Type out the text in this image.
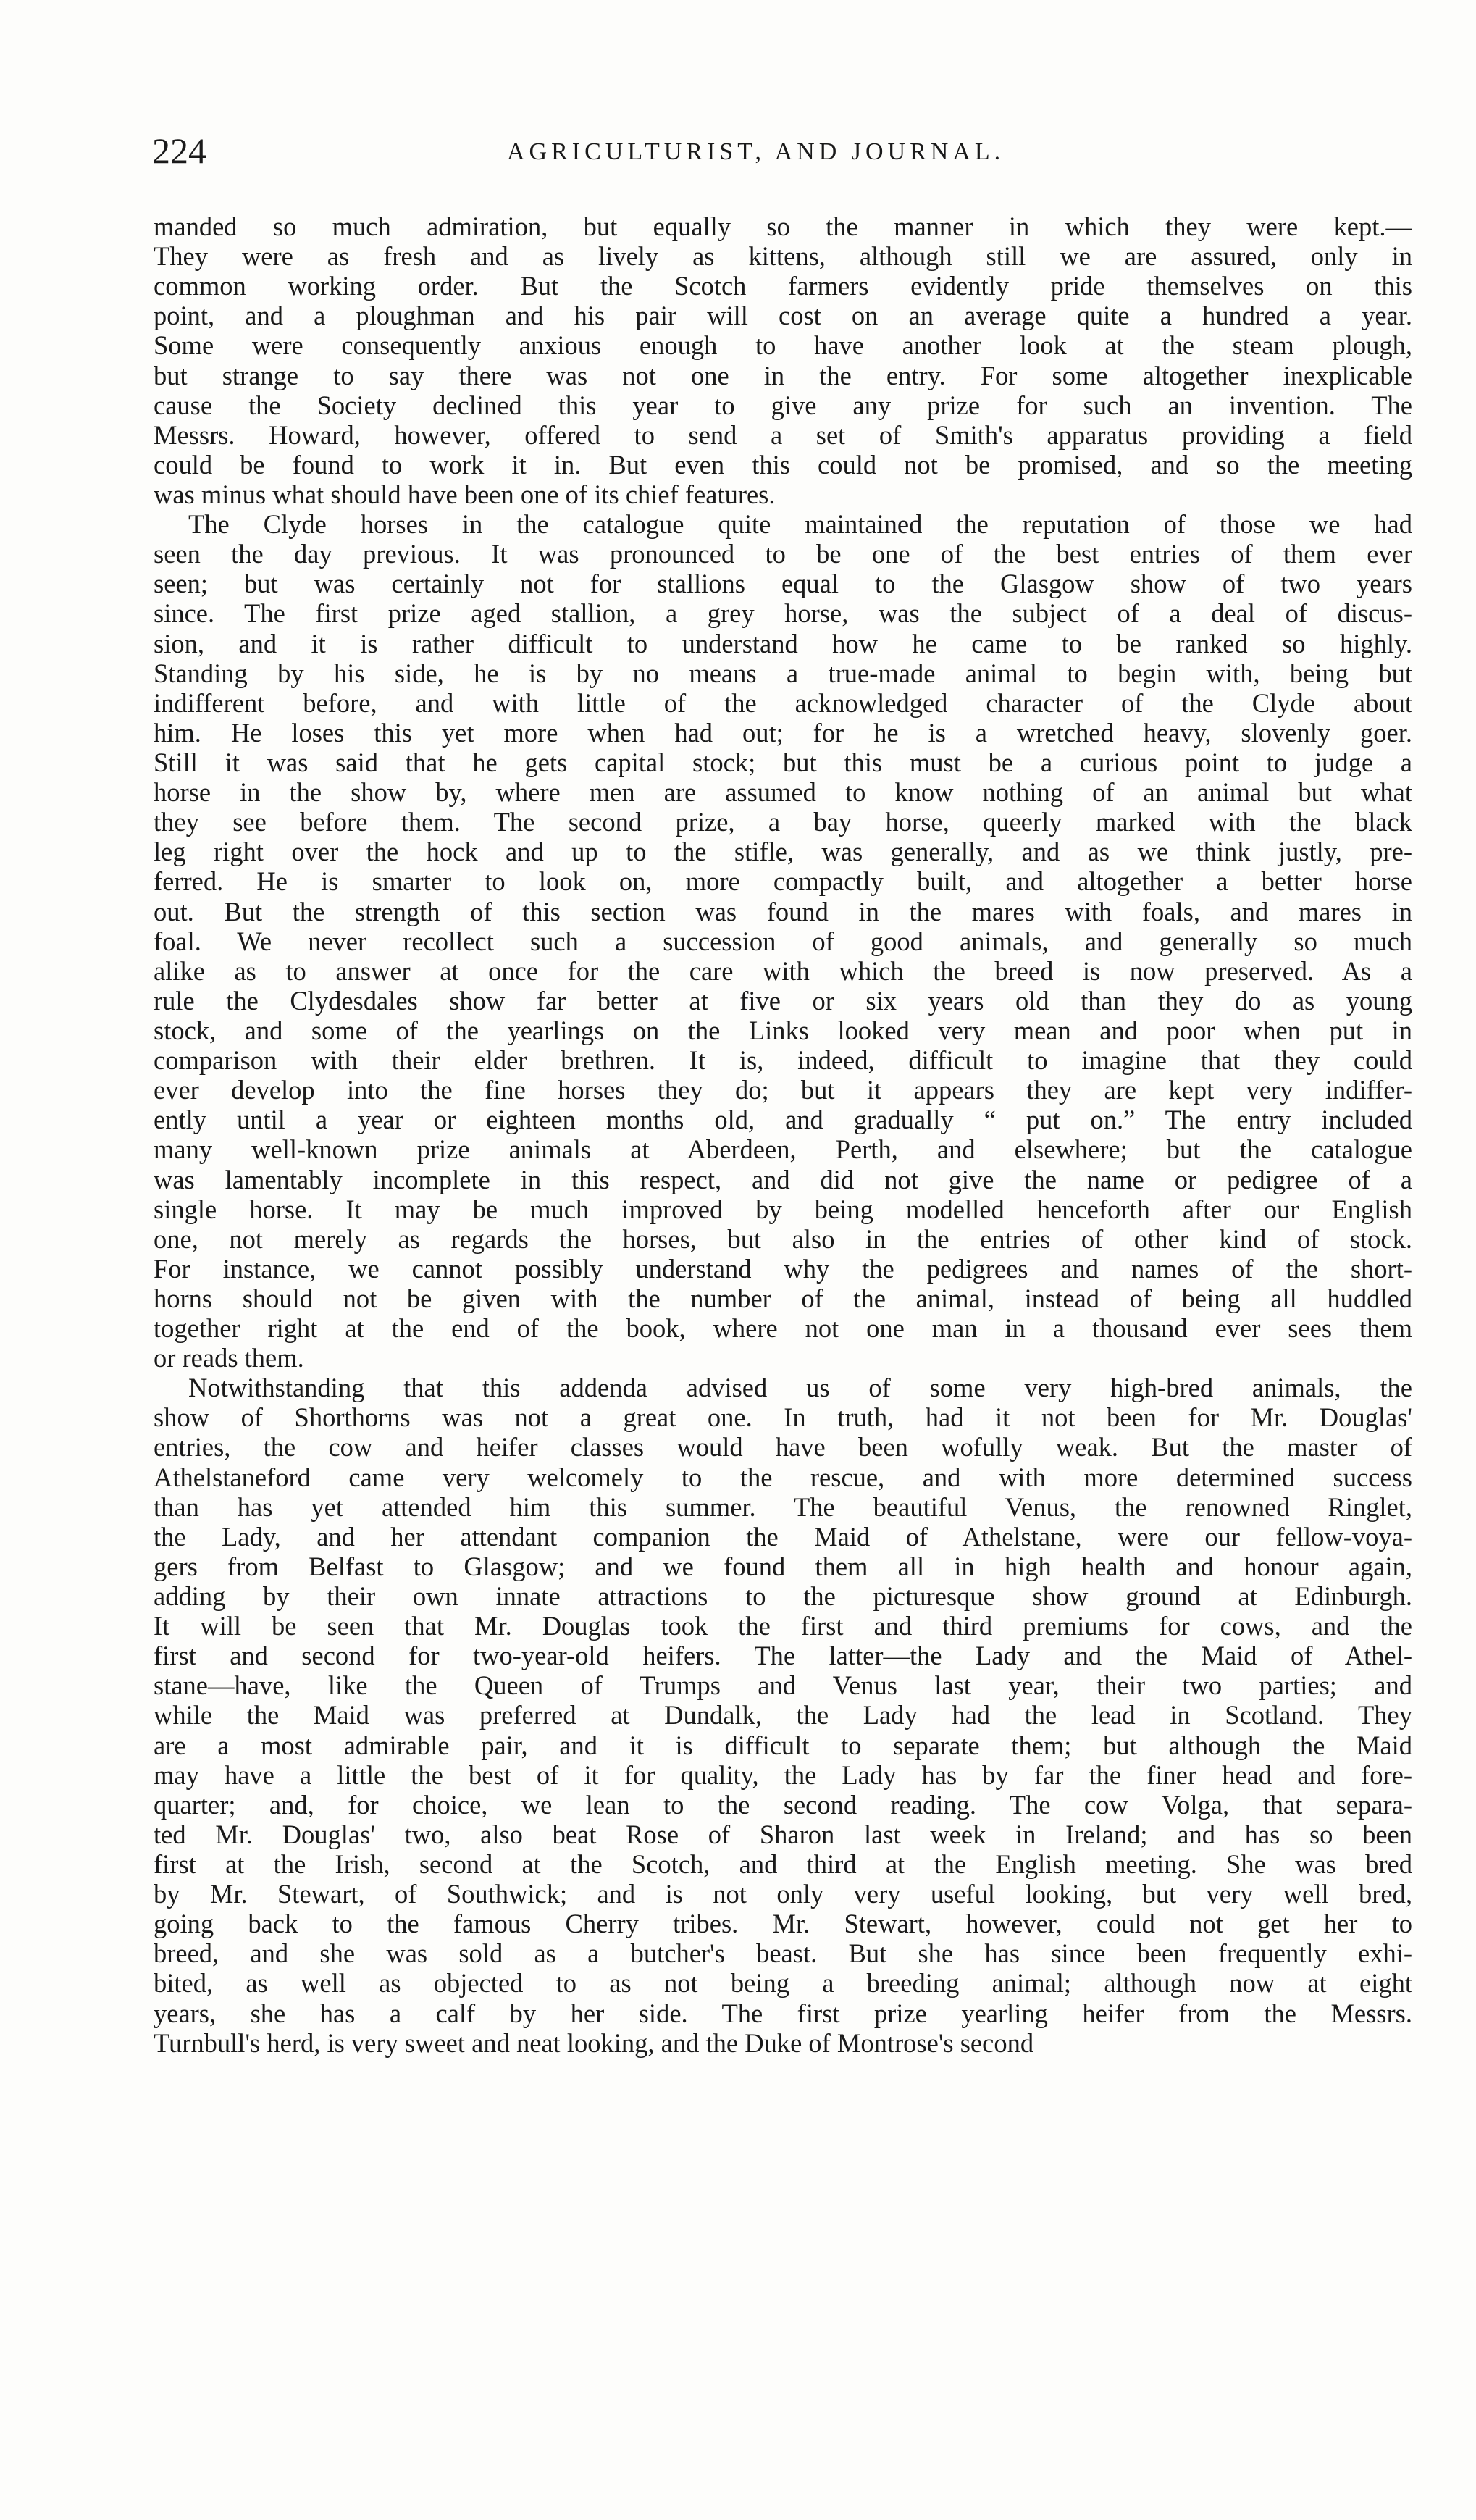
224	AGRICULTURIST, AND JOURNAL.
manded so much admiration, but equally so the manner in which they were kept.—
They were as fresh and as lively as kittens, although still we are assured, only in
common working order. But the Scotch farmers evidently pride themselves on this
point, and a ploughman and his pair will cost on an average quite a hundred a year.
Some were consequently anxious enough to have another look at the steam plough,
but strange to say there was not one in the entry. For some altogether inexplicable
cause the Society declined this year to give any prize for such an invention. The
Messrs. Howard, however, offered to send a set of Smith's apparatus providing a field
could be found to work it in. But even this could not be promised, and so the meeting
was minus what should have been one of its chief features.
The Clyde horses in the catalogue quite maintained the reputation of those we had
seen the day previous. It was pronounced to be one of the best entries of them ever
seen; but was certainly not for stallions equal to the Glasgow show of two years
since. The first prize aged stallion, a grey horse, was the subject of a deal of discus-
sion, and it is rather difficult to understand how he came to be ranked so highly.
Standing by his side, he is by no means a true-made animal to begin with, being but
indifferent before, and with little of the acknowledged character of the Clyde about
him. He loses this yet more when had out; for he is a wretched heavy, slovenly goer.
Still it was said that he gets capital stock; but this must be a curious point to judge a
horse in the show by, where men are assumed to know nothing of an animal but what
they see before them. The second prize, a bay horse, queerly marked with the black
leg right over the hock and up to the stifle, was generally, and as we think justly, pre-
ferred. He is smarter to look on, more compactly built, and altogether a better horse
out. But the strength of this section was found in the mares with foals, and mares in
foal. We never recollect such a succession of good animals, and generally so much
alike as to answer at once for the care with which the breed is now preserved. As a
rule the Clydesdales show far better at five or six years old than they do as young
stock, and some of the yearlings on the Links looked very mean and poor when put in
comparison with their elder brethren. It is, indeed, difficult to imagine that they could
ever develop into the fine horses they do; but it appears they are kept very indiffer-
ently until a year or eighteen months old, and gradually “ put on.” The entry included
many well-known prize animals at Aberdeen, Perth, and elsewhere; but the catalogue
was lamentably incomplete in this respect, and did not give the name or pedigree of a
single horse. It may be much improved by being modelled henceforth after our English
one, not merely as regards the horses, but also in the entries of other kind of stock.
For instance, we cannot possibly understand why the pedigrees and names of the short-
horns should not be given with the number of the animal, instead of being all huddled
together right at the end of the book, where not one man in a thousand ever sees them
or reads them.
Notwithstanding that this addenda advised us of some very high-bred animals, the
show of Shorthorns was not a great one. In truth, had it not been for Mr. Douglas'
entries, the cow and heifer classes would have been wofully weak. But the master of
Athelstaneford came very welcomely to the rescue, and with more determined success
than has yet attended him this summer. The beautiful Venus, the renowned Ringlet,
the Lady, and her attendant companion the Maid of Athelstane, were our fellow-voya-
gers from Belfast to Glasgow; and we found them all in high health and honour again,
adding by their own innate attractions to the picturesque show ground at Edinburgh.
It will be seen that Mr. Douglas took the first and third premiums for cows, and the
first and second for two-year-old heifers. The latter—the Lady and the Maid of Athel-
stane—have, like the Queen of Trumps and Venus last year, their two parties; and
while the Maid was preferred at Dundalk, the Lady had the lead in Scotland. They
are a most admirable pair, and it is difficult to separate them; but although the Maid
may have a little the best of it for quality, the Lady has by far the finer head and fore-
quarter; and, for choice, we lean to the second reading. The cow Volga, that separa-
ted Mr. Douglas' two, also beat Rose of Sharon last week in Ireland; and has so been
first at the Irish, second at the Scotch, and third at the English meeting. She was bred
by Mr. Stewart, of Southwick; and is not only very useful looking, but very well bred,
going back to the famous Cherry tribes. Mr. Stewart, however, could not get her to
breed, and she was sold as a butcher's beast. But she has since been frequently exhi-
bited, as well as objected to as not being a breeding animal; although now at eight
years, she has a calf by her side. The first prize yearling heifer from the Messrs.
Turnbull's herd, is very sweet and neat looking, and the Duke of Montrose's second
